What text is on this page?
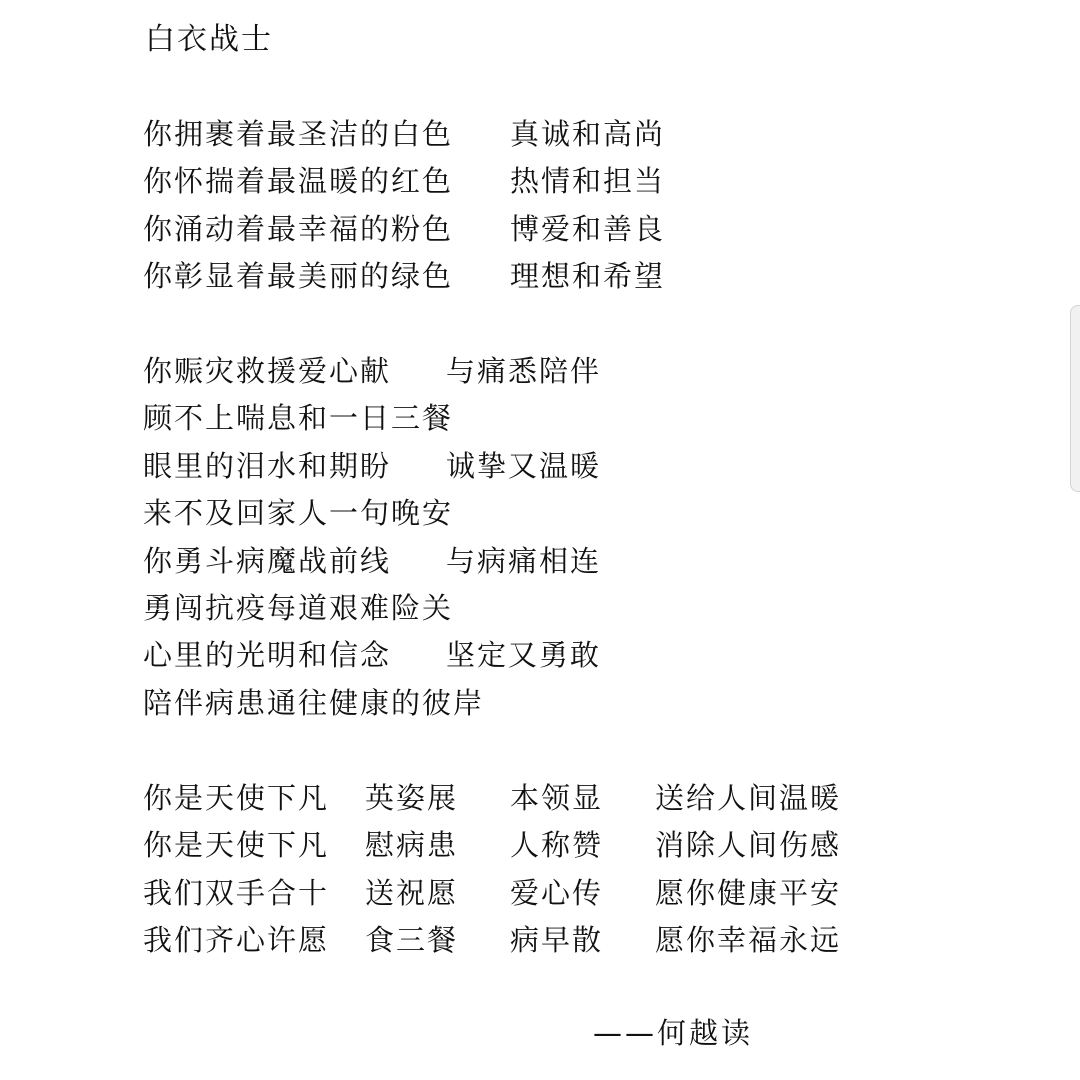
白衣战士
你拥裹着最圣洁的白色 真诚和高尚
你怀揣着最温暖的红色 热情和担当
你涌动着最幸福的粉色 博爱和善良
你彰显着最美丽的绿色 理想和希望
你赈灾救援爱心献 与痛悉陪伴
顾不上喘息和一日三餐
眼里的泪水和期盼 诚挚又温暖
来不及回家人一句晚安
你勇斗病魔战前线 与病痛相连
勇闯抗疫每道艰难险关
心里的光明和信念 坚定又勇敢
陪伴病患通往健康的彼岸
你是天使下凡 英姿展 本领显 送给人间温暖
你是天使下凡 慰病患 人称赞 消除人间伤感
我们双手合十 送祝愿 爱心传 愿你健康平安
我们齐心许愿 食三餐 病早散 愿你幸福永远
——何越读
